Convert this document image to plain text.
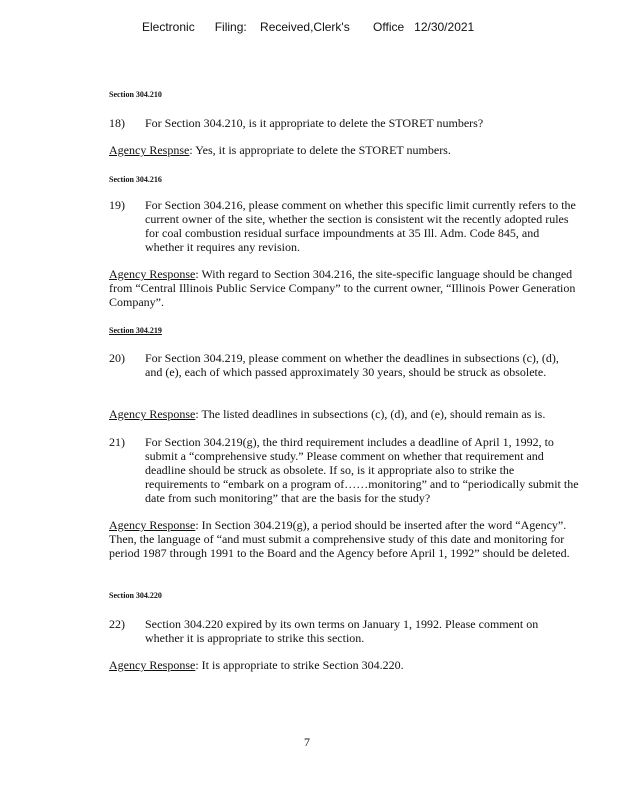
Electronic      Filing:    Received,Clerk's       Office   12/30/2021
Section 304.210
18) For Section 304.210, is it appropriate to delete the STORET numbers?
Agency Respnse: Yes, it is appropriate to delete the STORET numbers.
Section 304.216
19) For Section 304.216, please comment on whether this specific limit currently refers to the current owner of the site, whether the section is consistent wit the recently adopted rules for coal combustion residual surface impoundments at 35 Ill. Adm. Code 845, and whether it requires any revision.
Agency Response: With regard to Section 304.216, the site-specific language should be changed from “Central Illinois Public Service Company” to the current owner, “Illinois Power Generation Company”.
Section 304.219
20) For Section 304.219, please comment on whether the deadlines in subsections (c), (d), and (e), each of which passed approximately 30 years, should be struck as obsolete.
Agency Response: The listed deadlines in subsections (c), (d), and (e), should remain as is.
21) For Section 304.219(g), the third requirement includes a deadline of April 1, 1992, to submit a “comprehensive study.” Please comment on whether that requirement and deadline should be struck as obsolete. If so, is it appropriate also to strike the requirements to “embark on a program of……monitoring” and to “periodically submit the date from such monitoring” that are the basis for the study?
Agency Response: In Section 304.219(g), a period should be inserted after the word “Agency”. Then, the language of “and must submit a comprehensive study of this date and monitoring for period 1987 through 1991 to the Board and the Agency before April 1, 1992” should be deleted.
Section 304.220
22) Section 304.220 expired by its own terms on January 1, 1992. Please comment on whether it is appropriate to strike this section.
Agency Response: It is appropriate to strike Section 304.220.
7
